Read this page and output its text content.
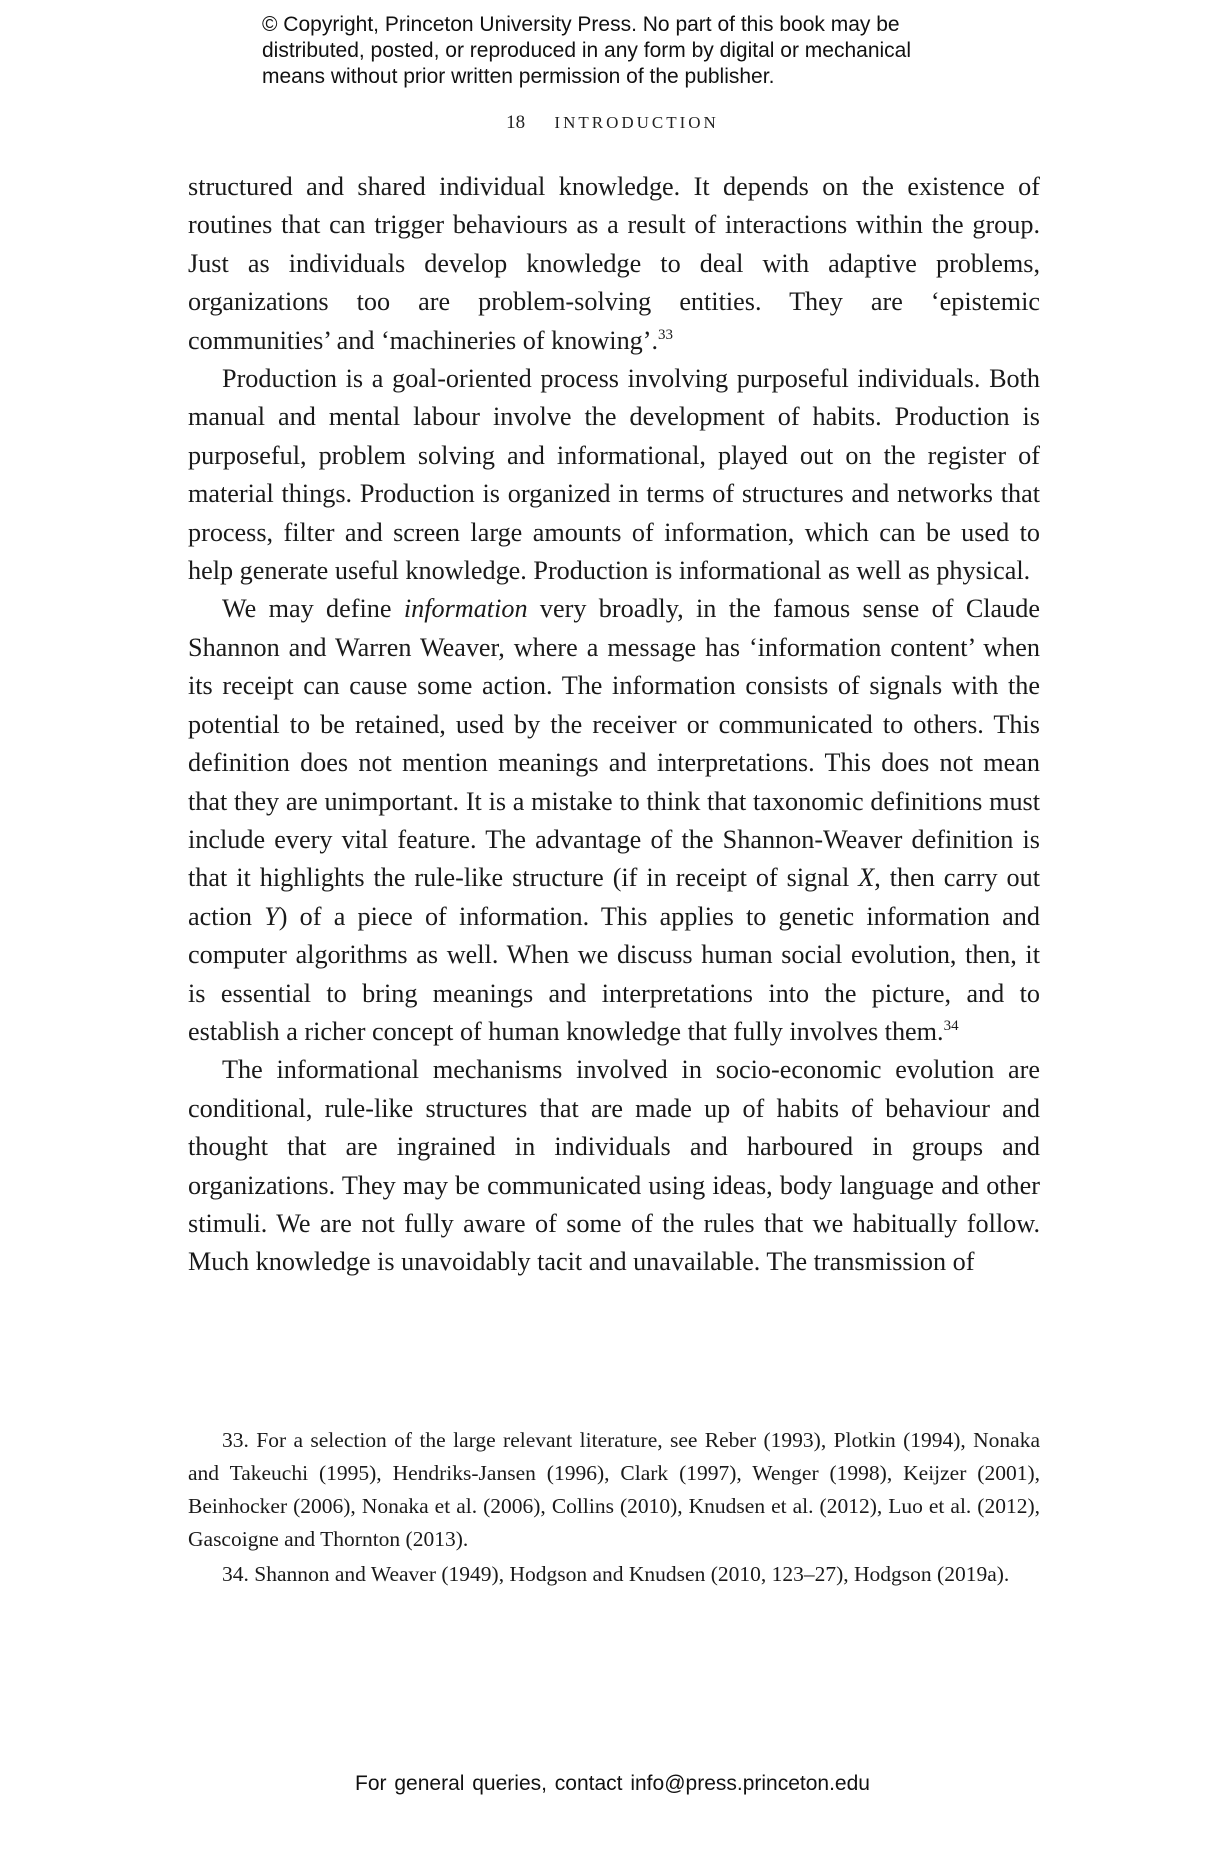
© Copyright, Princeton University Press. No part of this book may be
distributed, posted, or reproduced in any form by digital or mechanical
means without prior written permission of the publisher.
18 INTRODUCTION

structured and shared individual knowledge. It depends on the existence of routines that can trigger behaviours as a result of interactions within the group. Just as individuals develop knowledge to deal with adaptive problems, organizations too are problem-solving entities. They are ‘epistemic communities’ and ‘machineries of knowing’.$^{33}$

Production is a goal-oriented process involving purposeful individuals. Both manual and mental labour involve the development of habits. Production is purposeful, problem solving and informational, played out on the register of material things. Production is organized in terms of structures and networks that process, filter and screen large amounts of information, which can be used to help generate useful knowledge. Production is informational as well as physical.

We may define information very broadly, in the famous sense of Claude Shannon and Warren Weaver, where a message has ‘information content’ when its receipt can cause some action. The information consists of signals with the potential to be retained, used by the receiver or communicated to others. This definition does not mention meanings and interpretations. This does not mean that they are unimportant. It is a mistake to think that taxonomic definitions must include every vital feature. The advantage of the Shannon-Weaver definition is that it highlights the rule-like structure (if in receipt of signal X, then carry out action Y) of a piece of information. This applies to genetic information and computer algorithms as well. When we discuss human social evolution, then, it is essential to bring meanings and interpretations into the picture, and to establish a richer concept of human knowledge that fully involves them.$^{34}$

The informational mechanisms involved in socio-economic evolution are conditional, rule-like structures that are made up of habits of behaviour and thought that are ingrained in individuals and harboured in groups and organizations. They may be communicated using ideas, body language and other stimuli. We are not fully aware of some of the rules that we habitually follow. Much knowledge is unavoidably tacit and unavailable. The transmission of

33. For a selection of the large relevant literature, see Reber (1993), Plotkin (1994), Nonaka and Takeuchi (1995), Hendriks-Jansen (1996), Clark (1997), Wenger (1998), Keijzer (2001), Beinhocker (2006), Nonaka et al. (2006), Collins (2010), Knudsen et al. (2012), Luo et al. (2012), Gascoigne and Thornton (2013).

34. Shannon and Weaver (1949), Hodgson and Knudsen (2010, 123–27), Hodgson (2019a).

For general queries, contact info@press.princeton.edu
